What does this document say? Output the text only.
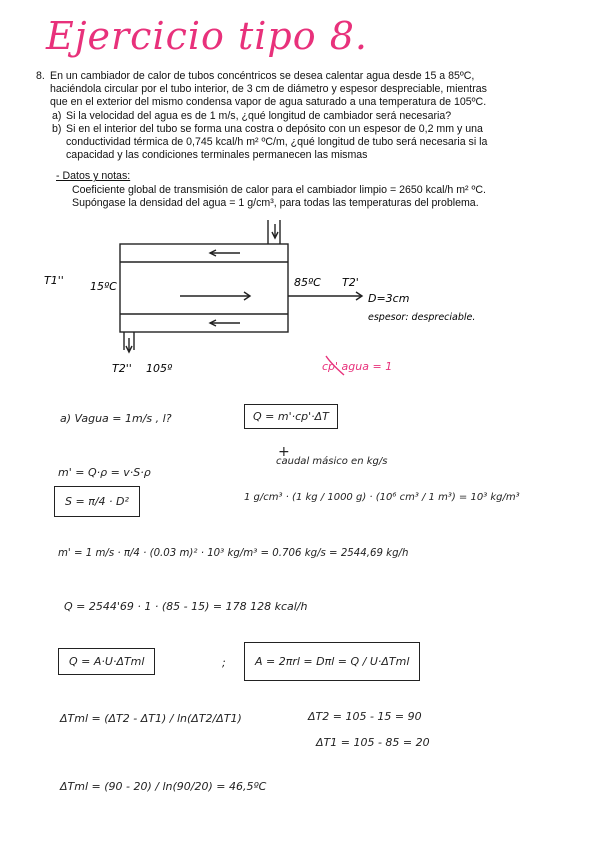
Ejercicio tipo 8.
8. En un cambiador de calor de tubos concéntricos se desea calentar agua desde 15 a 85ºC,

haciéndola circular por el tubo interior, de 3 cm de diámetro y espesor despreciable, mientras

que en el exterior del mismo condensa vapor de agua saturado a una temperatura de 105ºC.

a) Si la velocidad del agua es de 1 m/s, ¿qué longitud de cambiador será necesaria?

b) Si en el interior del tubo se forma una costra o depósito con un espesor de 0,2 mm y una

conductividad térmica de 0,745 kcal/h m² ºC/m, ¿qué longitud de tubo será necesaria si la

capacidad y las condiciones terminales permanecen las mismas

- Datos y notas:

Coeficiente global de transmisión de calor para el cambiador limpio = 2650 kcal/h m² ºC.

Supóngase la densidad del agua = 1 g/cm³, para todas las temperaturas del problema.

T1'' 15ºC	85ºC T2'
D=3cm
espesor: despreciable.
T2'' 105º	cp' agua = 1
a) Vagua = 1m/s , l?	Q = m'·cp'·ΔT
+
caudal másico en kg/s
m' = Q·ρ = v·S·ρ
S = π/4 · D²	1 g/cm³ · (1 kg / 1000 g) · (10⁶ cm³ / 1 m³) = 10³ kg/m³
m' = 1 m/s · π/4 · (0.03 m)² · 10³ kg/m³ = 0.706 kg/s = 2544,69 kg/h
Q = 2544'69 · 1 · (85 - 15) = 178 128 kcal/h
Q = A·U·ΔTml	;	A = 2πrl = Dπl = Q / U·ΔTml
ΔTml = (ΔT2 - ΔT1) / ln(ΔT2/ΔT1)	ΔT2 = 105 - 15 = 90
ΔT1 = 105 - 85 = 20
ΔTml = (90 - 20) / ln(90/20) = 46,5ºC
